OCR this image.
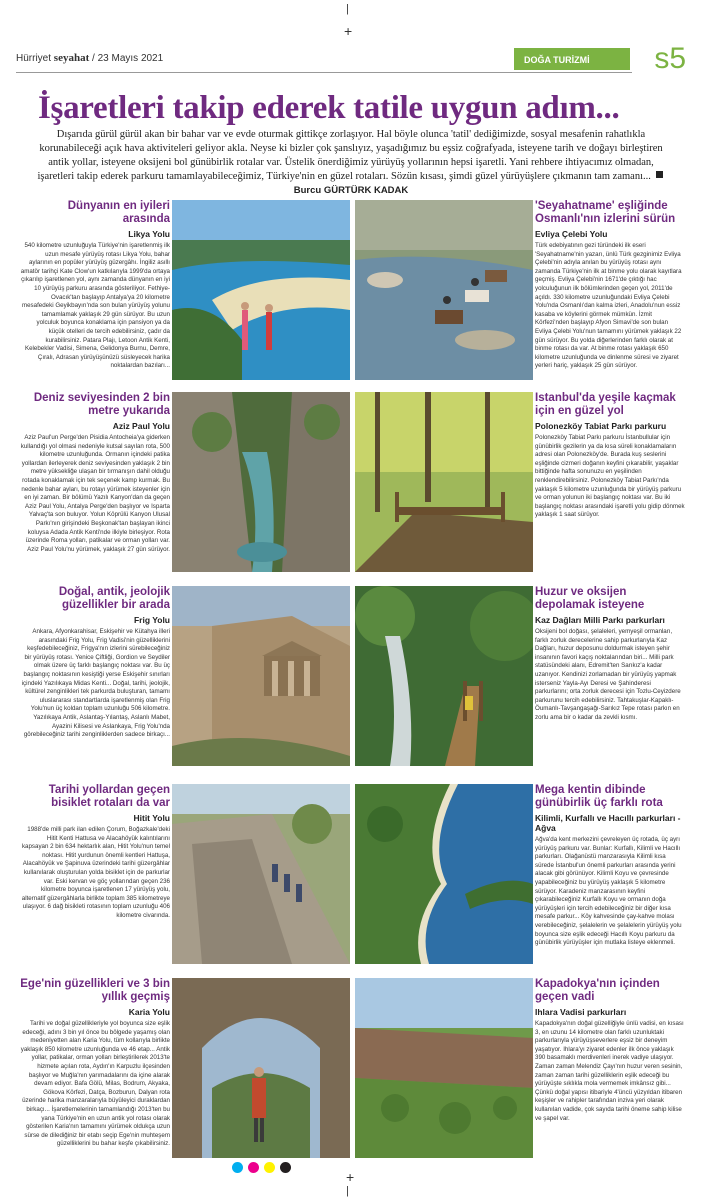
|
+
Hürriyet seyahat / 23 Mayıs 2021	DOĞA TURİZMİ	s5
İşaretleri takip ederek tatile uygun adım...

Dışarıda gürül gürül akan bir bahar var ve evde oturmak gittikçe zorlaşıyor. Hal böyle olunca 'tatil' dediğimizde, sosyal mesafenin rahatlıkla korunabileceği açık hava aktiviteleri geliyor akla. Neyse ki bizler çok şanslıyız, yaşadığımız bu eşsiz coğrafyada, isteyene tarih ve doğayı birleştiren antik yollar, isteyene oksijeni bol günübirlik rotalar var. Üstelik önerdiğimiz yürüyüş yollarının hepsi işaretli. Yani rehbere ihtiyacımız olmadan, işaretleri takip ederek parkuru tamamlayabileceğimiz, Türkiye'nin en güzel rotaları. Sözün kısası, şimdi güzel yürüyüşlere çıkmanın tam zamanı...  Burcu GÜRTÜRK KADAK

Dünyanın en iyileri arasında
Likya Yolu
540 kilometre uzunluğuyla Türkiye'nin işaretlenmiş ilk uzun mesafe yürüyüş rotası Likya Yolu, bahar aylarının en popüler yürüyüş güzergâhı. İngiliz asıllı amatör tarihçi Kate Clow'un katkılarıyla 1999'da ortaya çıkarılıp işaretlenen yol, aynı zamanda dünyanın en iyi 10 yürüyüş parkuru arasında gösteriliyor. Fethiye-Ovacık'tan başlayıp Antalya'ya 20 kilometre mesafedeki Geyikbayırı'nda son bulan yürüyüş yolunu tamamlamak yaklaşık 29 gün sürüyor. Bu uzun yolculuk boyunca konaklama için pansiyon ya da küçük otelleri de tercih edebilirsiniz, çadır da kurabilirsiniz. Patara Plajı, Letoon Antik Kenti, Kelebekler Vadisi, Simena, Gelidonya Burnu, Demre, Çıralı, Adrasan yürüyüşünüzü süsleyecek harika noktalardan bazıları...
'Seyahatname' eşliğinde Osmanlı'nın izlerini sürün
Evliya Çelebi Yolu
Türk edebiyatının gezi türündeki ilk eseri 'Seyahatname'nin yazarı, ünlü Türk gezginimiz Evliya Çelebi'nin adıyla anılan bu yürüyüş rotası aynı zamanda Türkiye'nin ilk at binme yolu olarak kayıtlara geçmiş. Evliya Çelebi'nin 1671'de çıktığı hac yolculuğunun ilk bölümlerinden geçen yol, 2011'de açıldı. 330 kilometre uzunluğundaki Evliya Çelebi Yolu'nda Osmanlı'dan kalma izleri, Anadolu'nun essiz kasaba ve köylerini görmek mümkün. İzmit Körfezi'nden başlayıp Afyon Simavi'de son bulan Evliya Çelebi Yolu'nun tamamını yürümek yaklaşık 22 gün sürüyor. Bu yolda diğerlerinden farklı olarak at binme rotası da var. At binme rotası yaklaşık 650 kilometre uzunluğunda ve dinlenme süresi ve ziyaret yerleri hariç, yaklaşık 25 gün sürüyor.
Deniz seviyesinden 2 bin metre yukarıda
Aziz Paul Yolu
Aziz Paul'un Perge'den Pisidia Antocheia'ya giderken kullandığı yol olmasi nedeniyle kutsal sayılan rota, 500 kilometre uzunluğunda. Ormanın içindeki patika yollardan ilerleyerek deniz seviyesinden yaklaşık 2 bin metre yüksekliğe ulaşan bir tırmanışın dahil olduğu rotada konaklamak için tek seçenek kamp kurmak. Bu nedenle bahar ayları, bu rotayı yürümek isteyenler için en iyi zaman. Bir bölümü Yazılı Kanyon'dan da geçen Aziz Paul Yolu, Antalya Perge'den başlıyor ve Isparta Yalvaç'ta son buluyor. Yolun Köprülü Kanyon Ulusal Parkı'nın girişindeki Beşkonak'tan başlayan ikinci koluysa Adada Antik Kenti'nde ilkiyle birleşiyor. Rota üzerinde Roma yolları, patikalar ve orman yolları var. Aziz Paul Yolu'nu yürümek, yaklaşık 27 gün sürüyor.
İstanbul'da yeşile kaçmak için en güzel yol
Polonezköy Tabiat Parkı parkuru
Polonezköy Tabiat Parkı parkuru İstanbullular için günübirlik gezilerin ya da kısa süreli konaklamaların adresi olan Polonezköy'de. Burada kuş seslerini eşliğinde cizmeri doğanın keyfini çıkarabilir, yaşaklar bittiğinde hafta sonunuzu en yeşilinden renklendirebilirsiniz. Polonezköy Tabiat Parkı'nda yaklaşık 5 kilometre uzunluğunda bir yürüyüş parkuru ve orman yolunun iki başlangıç noktası var. Bu iki başlangıç noktası arasındaki işaretli yolu gidip dönmek yaklaşık 1 saat sürüyor.
Doğal, antik, jeolojik güzellikler bir arada
Frig Yolu
Ankara, Afyonkarahisar, Eskişehir ve Kütahya illeri arasındaki Frig Yolu, Frig Vadisi'nin güzelliklerini keşfedebileceğiniz, Frigya'nın izlerini sürebileceğiniz bir yürüyüş rotası. Yenice Çiftliği, Gordion ve Seydiler olmak üzere üç farklı başlangıç noktası var. Bu üç başlangıç noktasının kesiştiği yerse Eskişehir sınırları içindeki Yazılıkaya Midas Kenti... Doğal, tarihi, jeolojik, kültürel zenginlikleri tek parkurda buluşturan, tamamı uluslararası standartlarda işaretlenmiş olan Frig Yolu'nun üç koldan toplam uzunluğu 506 kilometre. Yazılıkaya Antik, Aslantaş-Yılantaş, Aslanlı Mabet, Ayazini Kilisesi ve Aslankaya, Frig Yolu'nda görebileceğiniz tarihi zenginliklerden sadece birkaçı...
Huzur ve oksijen depolamak isteyene
Kaz Dağları Milli Parkı parkurları
Oksijeni bol doğası, şelaleleri, yemyeşil ormanları, farklı zorluk derecelerine sahip parkurlarıyla Kaz Dağları, huzur deposunu doldurmak isteyen şehir insanının favori kaçış noktalarından biri... Milli park statüsündeki alanı, Edremit'ten Sarıkız'a kadar uzanıyor. Kendinizi zorlamadan bir yürüyüş yapmak isterseniz Yayla-Ayı Deresi ve Şahinderesi parkurlarını; orta zorluk derecesi için Tozlu-Ceyizdere parkurunu tercih edebilirsiniz. Tahtakuşlar-Kapaklı-Öumanlı-Tavşangaşağı-Sarıkız Tepe rotası parkın en zorlu ama bir o kadar da zevkli kısmı.
Tarihi yollardan geçen bisiklet rotaları da var
Hitit Yolu
1988'de milli park ilan edilen Çorum, Boğazkale'deki Hitit Kenti Hattusa ve Alacahöyük kalıntılarını kapsayan 2 bin 634 hektarlık alan, Hitit Yolu'nun temel noktası. Hitit yurdunun önemli kentleri Hattuşa, Alacahöyük ve Şapinuva üzerindeki tarihi güzergâhlar kullanılarak oluşturulan yolda bisiklet için de parkurlar var. Eski kervan ve göç yollarından geçen 236 kilometre boyunca işaretlenen 17 yürüyüş yolu, alternatif güzergâhlarla birlikte toplam 385 kilometreye ulaşıyor. 6 dağ bisikleti rotasının toplam uzunluğu 406 kilometre civarında.
Mega kentin dibinde günübirlik üç farklı rota
Kilimli, Kurfallı ve Hacıllı parkurları - Ağva
Ağva'da kent merkezini çevreleyen üç rotada, üç ayrı yürüyüş parkuru var. Bunlar: Kurfallı, Kilimli ve Hacıllı parkurları. Olağanüstü manzarasıyla Kilimli kısa sürede İstanbul'un önemli parkurları arasında yerini alacak gibi görünüyor. Kilimli Koyu ve çevresinde yapabileceğiniz bu yürüyüş yaklaşık 5 kilometre sürüyor. Karadeniz manzarasının keyfini çıkarabileceğiniz Kurfallı Koyu ve ormanın doğa yürüyüşleri için tercih edebileceğiniz bir diğer kısa mesafe parkur... Köy kahvesinde çay-kahve molası verebileceğiniz, şelalelerin ve şelalelerin yürüyüş yolu boyunca size eşlik edeceği Hacıllı Koyu parkuru da günübirlik yürüyüşler için mutlaka listeye eklenmeli.
Ege'nin güzellikleri ve 3 bin yıllık geçmiş
Karia Yolu
Tarihi ve doğal güzellikleriyle yol boyunca size eşlik edeceği, adını 3 bin yıl önce bu bölgede yaşamış olan medeniyetten alan Karia Yolu, tüm kollarıyla birlikte yaklaşık 850 kilometre uzunluğunda ve 46 etap... Antik yollar, patikalar, orman yolları birleştirilerek 2013'te hizmete açılan rota, Aydın'ın Karpuzlu ilçesinden başlıyor ve Muğla'nın yarımadalarını da içine alarak devam ediyor. Bafa Gölü, Milas, Bodrum, Akyaka, Gökova Körfezi, Datça, Bozburun, Dalyan rota üzerinde harika manzaralarıyla büyüleyici duraklardan birkaçı... İşaretlemelerinin tamamlandığı 2013'ten bu yana Türkiye'nin en uzun antik yol rotası olarak gösterilen Karia'nın tamamını yürümek oldukça uzun sürse de dilediğiniz bir etabı seçip Ege'nin muhteşem güzelliklerini bu bahar keşfe çıkabilirsiniz.
Kapadokya'nın içinden geçen vadi
Ihlara Vadisi parkurları
Kapadokya'nın doğal güzelliğiyle ünlü vadisi, en kısası 3, en uzunu 14 kilometre olan farklı uzunluktaki parkurlarıyla yürüyüşseverlere eşsiz bir deneyim yaşatıyor. Ihlara'yı ziyaret edenler ilk önce yaklaşık 390 basamaklı merdivenleri inerek vadiye ulaşıyor. Zaman zaman Melendiz Çayı'nın huzur veren sesinin, zaman zaman tarihi güzelliklerin eşlik edeceği bu yürüyüşte sıklıkla mola vermemek imkânsız gibi... Çünkü doğal yapısı itibariyle 4'üncü yüzyıldan itibaren keşişler ve rahipler tarafından inziva yeri olarak kullanılan vadide, çok sayıda tarihi öneme sahip kilise ve şapel var.
+
|
